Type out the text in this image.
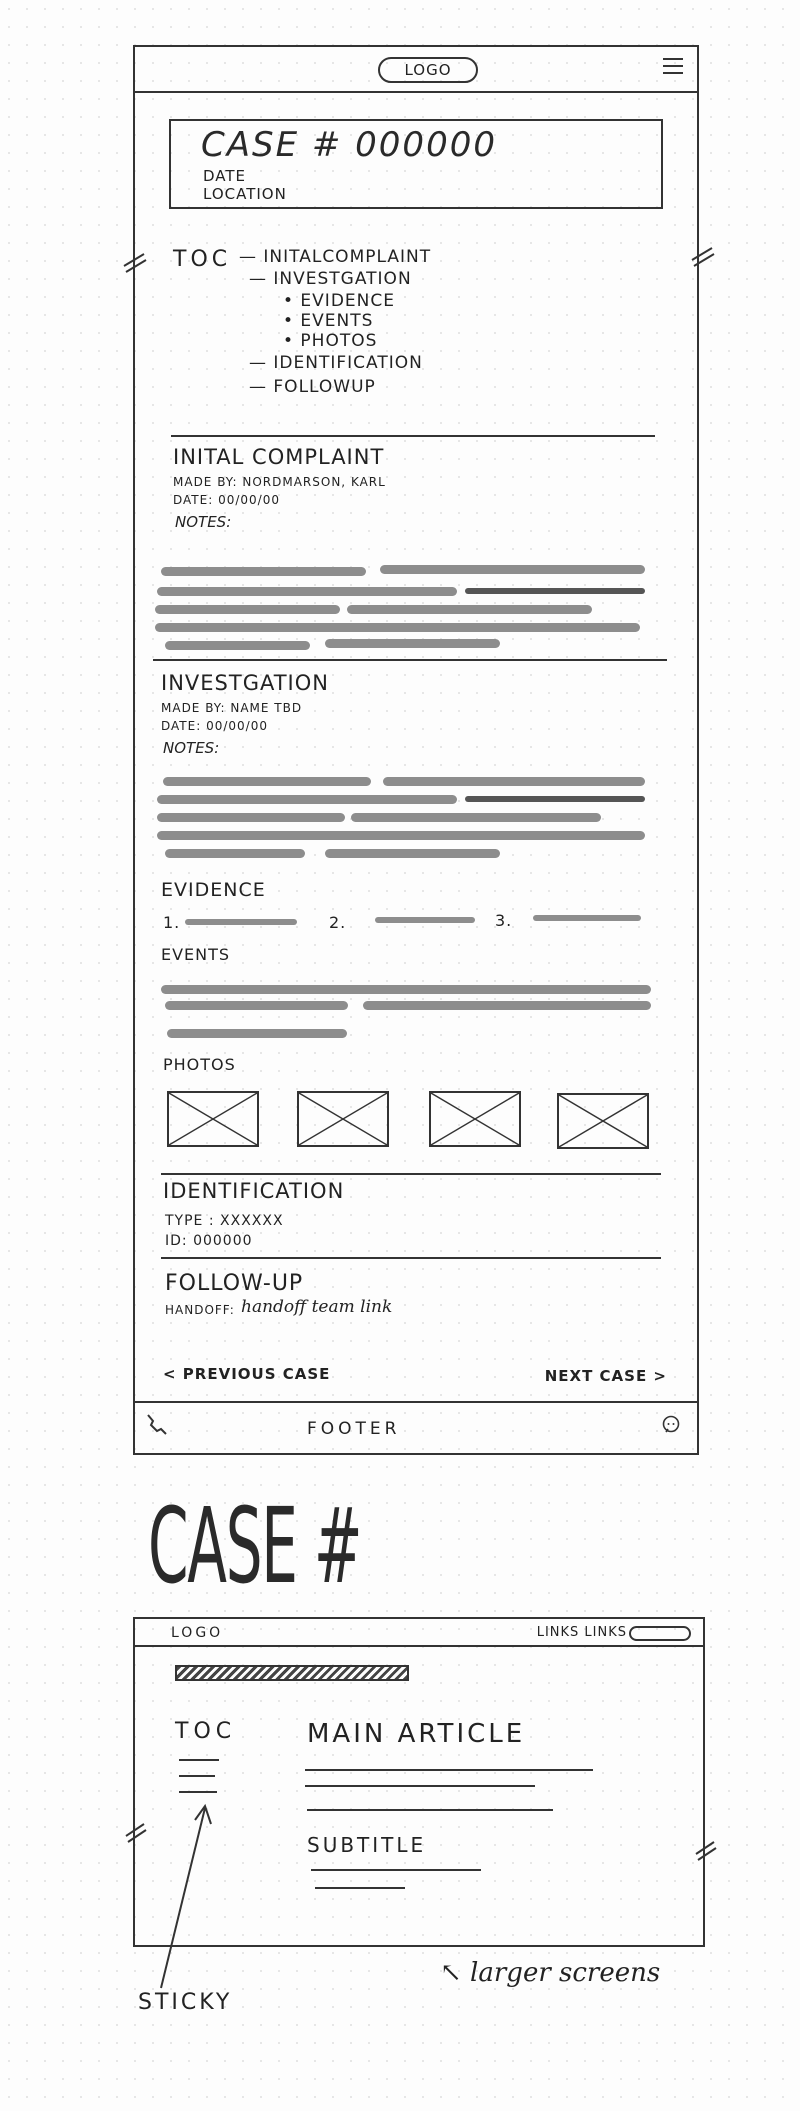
LOGO
CASE # 000000
DATE
LOCATION
TOC — INITALCOMPLAINT
— INVESTGATION
• EVIDENCE
• EVENTS
• PHOTOS
— IDENTIFICATION
— FOLLOWUP
INITAL COMPLAINT
MADE BY: NORDMARSON, KARL
DATE: 00/00/00
NOTES:
INVESTGATION
MADE BY: NAME TBD
DATE: 00/00/00
NOTES:
EVIDENCE
1.	2.	3.
EVENTS
PHOTOS
IDENTIFICATION
TYPE : XXXXXX
ID: 000000
FOLLOW-UP
HANDOFF: handoff team link
< PREVIOUS CASE	NEXT CASE >
FOOTER
CASE #
LOGO	LINKS LINKS
TOC	MAIN ARTICLE
SUBTITLE
STICKY
↖ larger screens
